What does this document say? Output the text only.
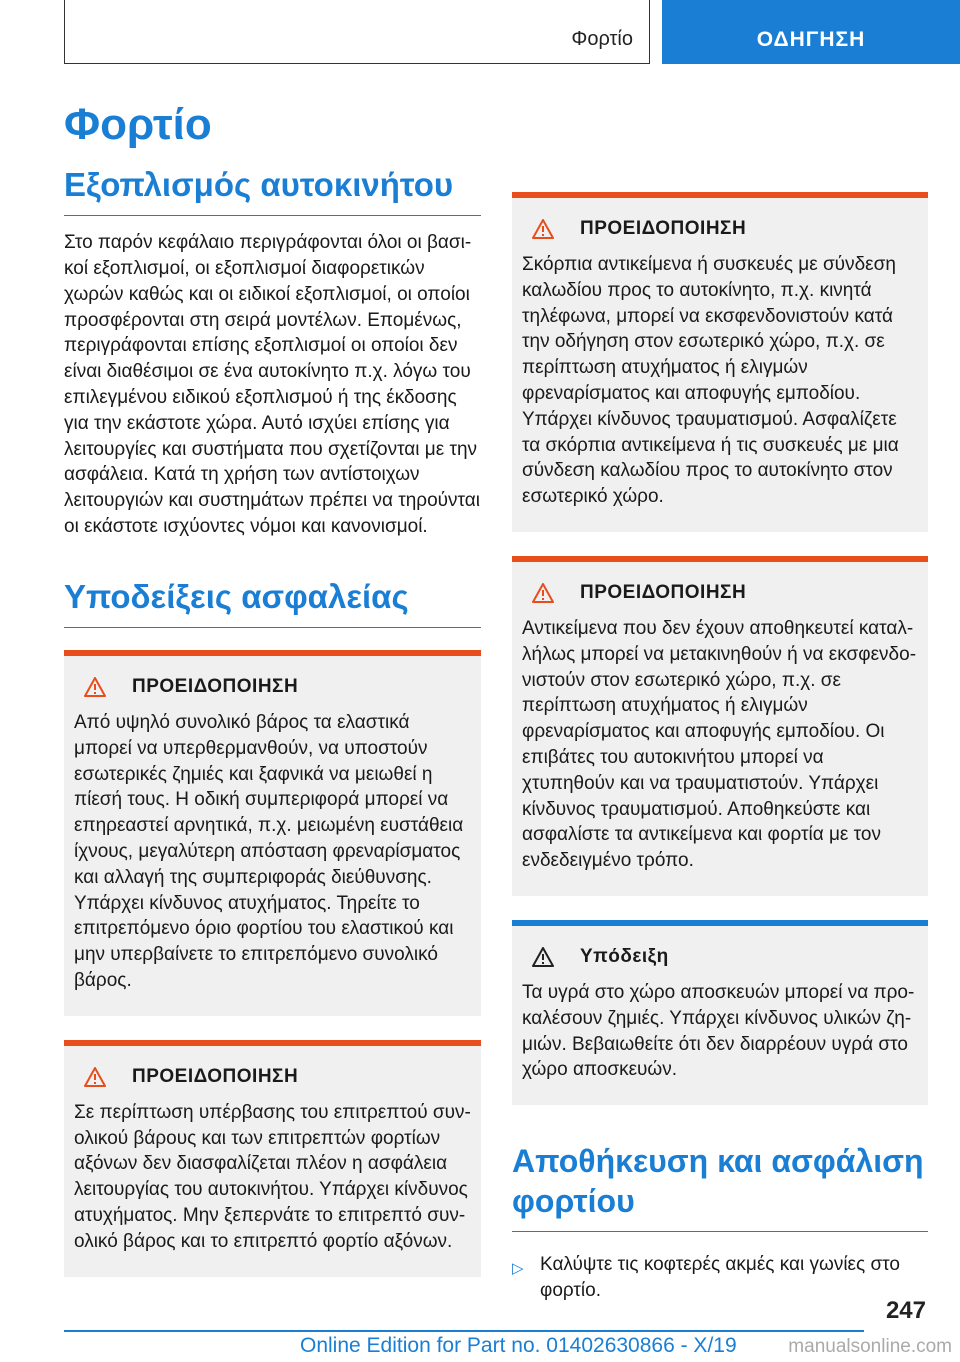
Φορτίο	ΟΔΗΓΗΣΗ
Φορτίο
Εξοπλισμός αυτοκινήτου
Στο παρόν κεφάλαιο περιγράφονται όλοι οι βασικοί εξοπλισμοί, οι εξοπλισμοί διαφορετικών χωρών καθώς και οι ειδικοί εξοπλισμοί, οι οποίοι προσφέρονται στη σειρά μοντέλων. Επομένως, περιγράφονται επίσης εξοπλισμοί οι οποίοι δεν είναι διαθέσιμοι σε ένα αυτοκίνητο π.χ. λόγω του επιλεγμένου ειδικού εξοπλισμού ή της έκδοσης για την εκάστοτε χώρα. Αυτό ισχύει επίσης για λειτουργίες και συστήματα που σχετίζονται με την ασφάλεια. Κατά τη χρήση των αντίστοιχων λειτουργιών και συστημάτων πρέπει να τηρούνται οι εκάστοτε ισχύοντες νόμοι και κανονισμοί.
Υποδείξεις ασφαλείας
ΠΡΟΕΙΔΟΠΟΙΗΣΗ
Από υψηλό συνολικό βάρος τα ελαστικά μπορεί να υπερθερμανθούν, να υποστούν εσωτερικές ζημιές και ξαφνικά να μειωθεί η πίεσή τους. Η οδική συμπεριφορά μπορεί να επηρεαστεί αρνητικά, π.χ. μειωμένη ευστάθεια ίχνους, μεγαλύτερη απόσταση φρεναρίσματος και αλλαγή της συμπεριφοράς διεύθυνσης. Υπάρχει κίνδυνος ατυχήματος. Τηρείτε το επιτρεπόμενο όριο φορτίου του ελαστικού και μην υπερβαίνετε το επιτρεπόμενο συνολικό βάρος.
ΠΡΟΕΙΔΟΠΟΙΗΣΗ
Σε περίπτωση υπέρβασης του επιτρεπτού συνολικού βάρους και των επιτρεπτών φορτίων αξόνων δεν διασφαλίζεται πλέον η ασφάλεια λειτουργίας του αυτοκινήτου. Υπάρχει κίνδυνος ατυχήματος. Μην ξεπερνάτε το επιτρεπτό συνολικό βάρος και το επιτρεπτό φορτίο αξόνων.
ΠΡΟΕΙΔΟΠΟΙΗΣΗ
Σκόρπια αντικείμενα ή συσκευές με σύνδεση καλωδίου προς το αυτοκίνητο, π.χ. κινητά τηλέφωνα, μπορεί να εκσφενδονιστούν κατά την οδήγηση στον εσωτερικό χώρο, π.χ. σε περίπτωση ατυχήματος ή ελιγμών φρεναρίσματος και αποφυγής εμποδίου. Υπάρχει κίνδυνος τραυματισμού. Ασφαλίζετε τα σκόρπια αντικείμενα ή τις συσκευές με μια σύνδεση καλωδίου προς το αυτοκίνητο στον εσωτερικό χώρο.
ΠΡΟΕΙΔΟΠΟΙΗΣΗ
Αντικείμενα που δεν έχουν αποθηκευτεί καταλλήλως μπορεί να μετακινηθούν ή να εκσφενδονιστούν στον εσωτερικό χώρο, π.χ. σε περίπτωση ατυχήματος ή ελιγμών φρεναρίσματος και αποφυγής εμποδίου. Οι επιβάτες του αυτοκινήτου μπορεί να χτυπηθούν και να τραυματιστούν. Υπάρχει κίνδυνος τραυματισμού. Αποθηκεύστε και ασφαλίστε τα αντικείμενα και φορτία με τον ενδεδειγμένο τρόπο.
Υπόδειξη
Τα υγρά στο χώρο αποσκευών μπορεί να προκαλέσουν ζημιές. Υπάρχει κίνδυνος υλικών ζημιών. Βεβαιωθείτε ότι δεν διαρρέουν υγρά στο χώρο αποσκευών.
Αποθήκευση και ασφάλιση φορτίου
▷ Καλύψτε τις κοφτερές ακμές και γωνίες στο φορτίο.
247
Online Edition for Part no. 01402630866 - X/19	manualsonline.com
